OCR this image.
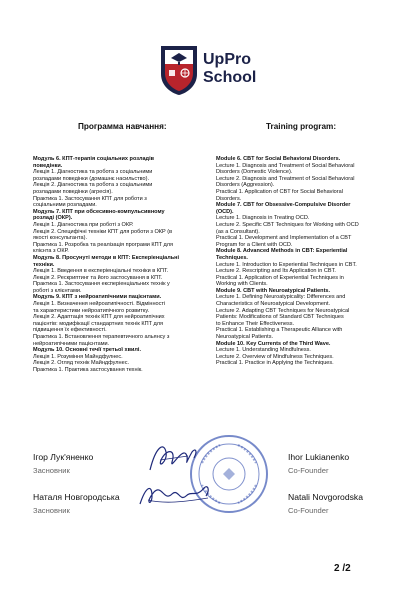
UpPro
School
Программа навчання:	Training program:
Модуль 6. КПТ-терапія соціальних розладів
поведінки.
Лекція 1. Діагностика та робота з соціальними
розладами поведінки (домашнє насильство).
Лекція 2. Діагностика та робота з соціальними
розладами поведінки (агресія).
Практика 1. Застосування КПТ для роботи з
соціальними розладами.
Модуль 7. КПТ при обсесивно-компульсивному
розладі (ОКР).
Лекція 1. Діагностика при роботі з ОКР.
Лекція 2. Специфічні техніки КПТ для роботи з ОКР (в
якості консультанта).
Практика 1. Розробка та реалізація програми КПТ для
клієнта з ОКР.
Модуль 8. Просунуті методи в КПТ: Експеріенціальні
техніки.
Лекція 1. Введення в експеріенціальні техніки в КПТ.
Лекція 2. Рескриптинг та його застосування в КПТ.
Практика 1. Застосування експеріенціальних технік у
роботі з клієнтами.
Модуль 9. КПТ з нейроатипічними пацієнтами.
Лекція 1. Визначення нейроатипічності. Відмінності
та характеристики нейроатипічного розвитку.
Лекція 2. Адаптація технік КПТ для нейроатипічних
пацієнтів: модифікації стандартних технік КПТ для
підвищення їх ефективності.
Практика 1. Встановлення терапевтичного альянсу з
нейроатипічними пацієнтами.
Модуль 10. Основні течії третьої хвилі.
Лекція 1. Розуміння Майндфулнес.
Лекція 2. Огляд технік Майндфулнес.
Практика 1. Практика застосування технік.
Module 6. CBT for Social Behavioral Disorders.
Lecture 1. Diagnosis and Treatment of Social Behavioral
Disorders (Domestic Violence).
Lecture 2. Diagnosis and Treatment of Social Behavioral
Disorders (Aggression).
Practical 1. Application of CBT for Social Behavioral
Disorders.
Module 7. CBT for Obsessive-Compulsive Disorder
(OCD).
Lecture 1. Diagnosis in Treating OCD.
Lecture 2. Specific CBT Techniques for Working with OCD
(as a Consultant).
Practical 1. Development and Implementation of a CBT
Program for a Client with OCD.
Module 8. Advanced Methods in CBT: Experiential
Techniques.
Lecture 1. Introduction to Experiential Techniques in CBT.
Lecture 2. Rescripting and Its Application in CBT.
Practical 1. Application of Experiential Techniques in
Working with Clients.
Module 9. CBT with Neuroatypical Patients.
Lecture 1. Defining Neuroatypicality: Differences and
Characteristics of Neuroatypical Development.
Lecture 2. Adapting CBT Techniques for Neuroatypical
Patients: Modifications of Standard CBT Techniques
to Enhance Their Effectiveness.
Practical 1. Establishing a Therapeutic Alliance with
Neuroatypical Patients.
Module 10. Key Currents of the Third Wave.
Lecture 1. Understanding Mindfulness.
Lecture 2. Overview of Mindfulness Techniques.
Practical 1. Practice in Applying the Techniques.
Ігор Лук'яненко
Засновник
Наталя Новгородська
Засновник
Ihor Lukianenko
Co-Founder
Natali Novgorodska
Co-Founder
2 /2
